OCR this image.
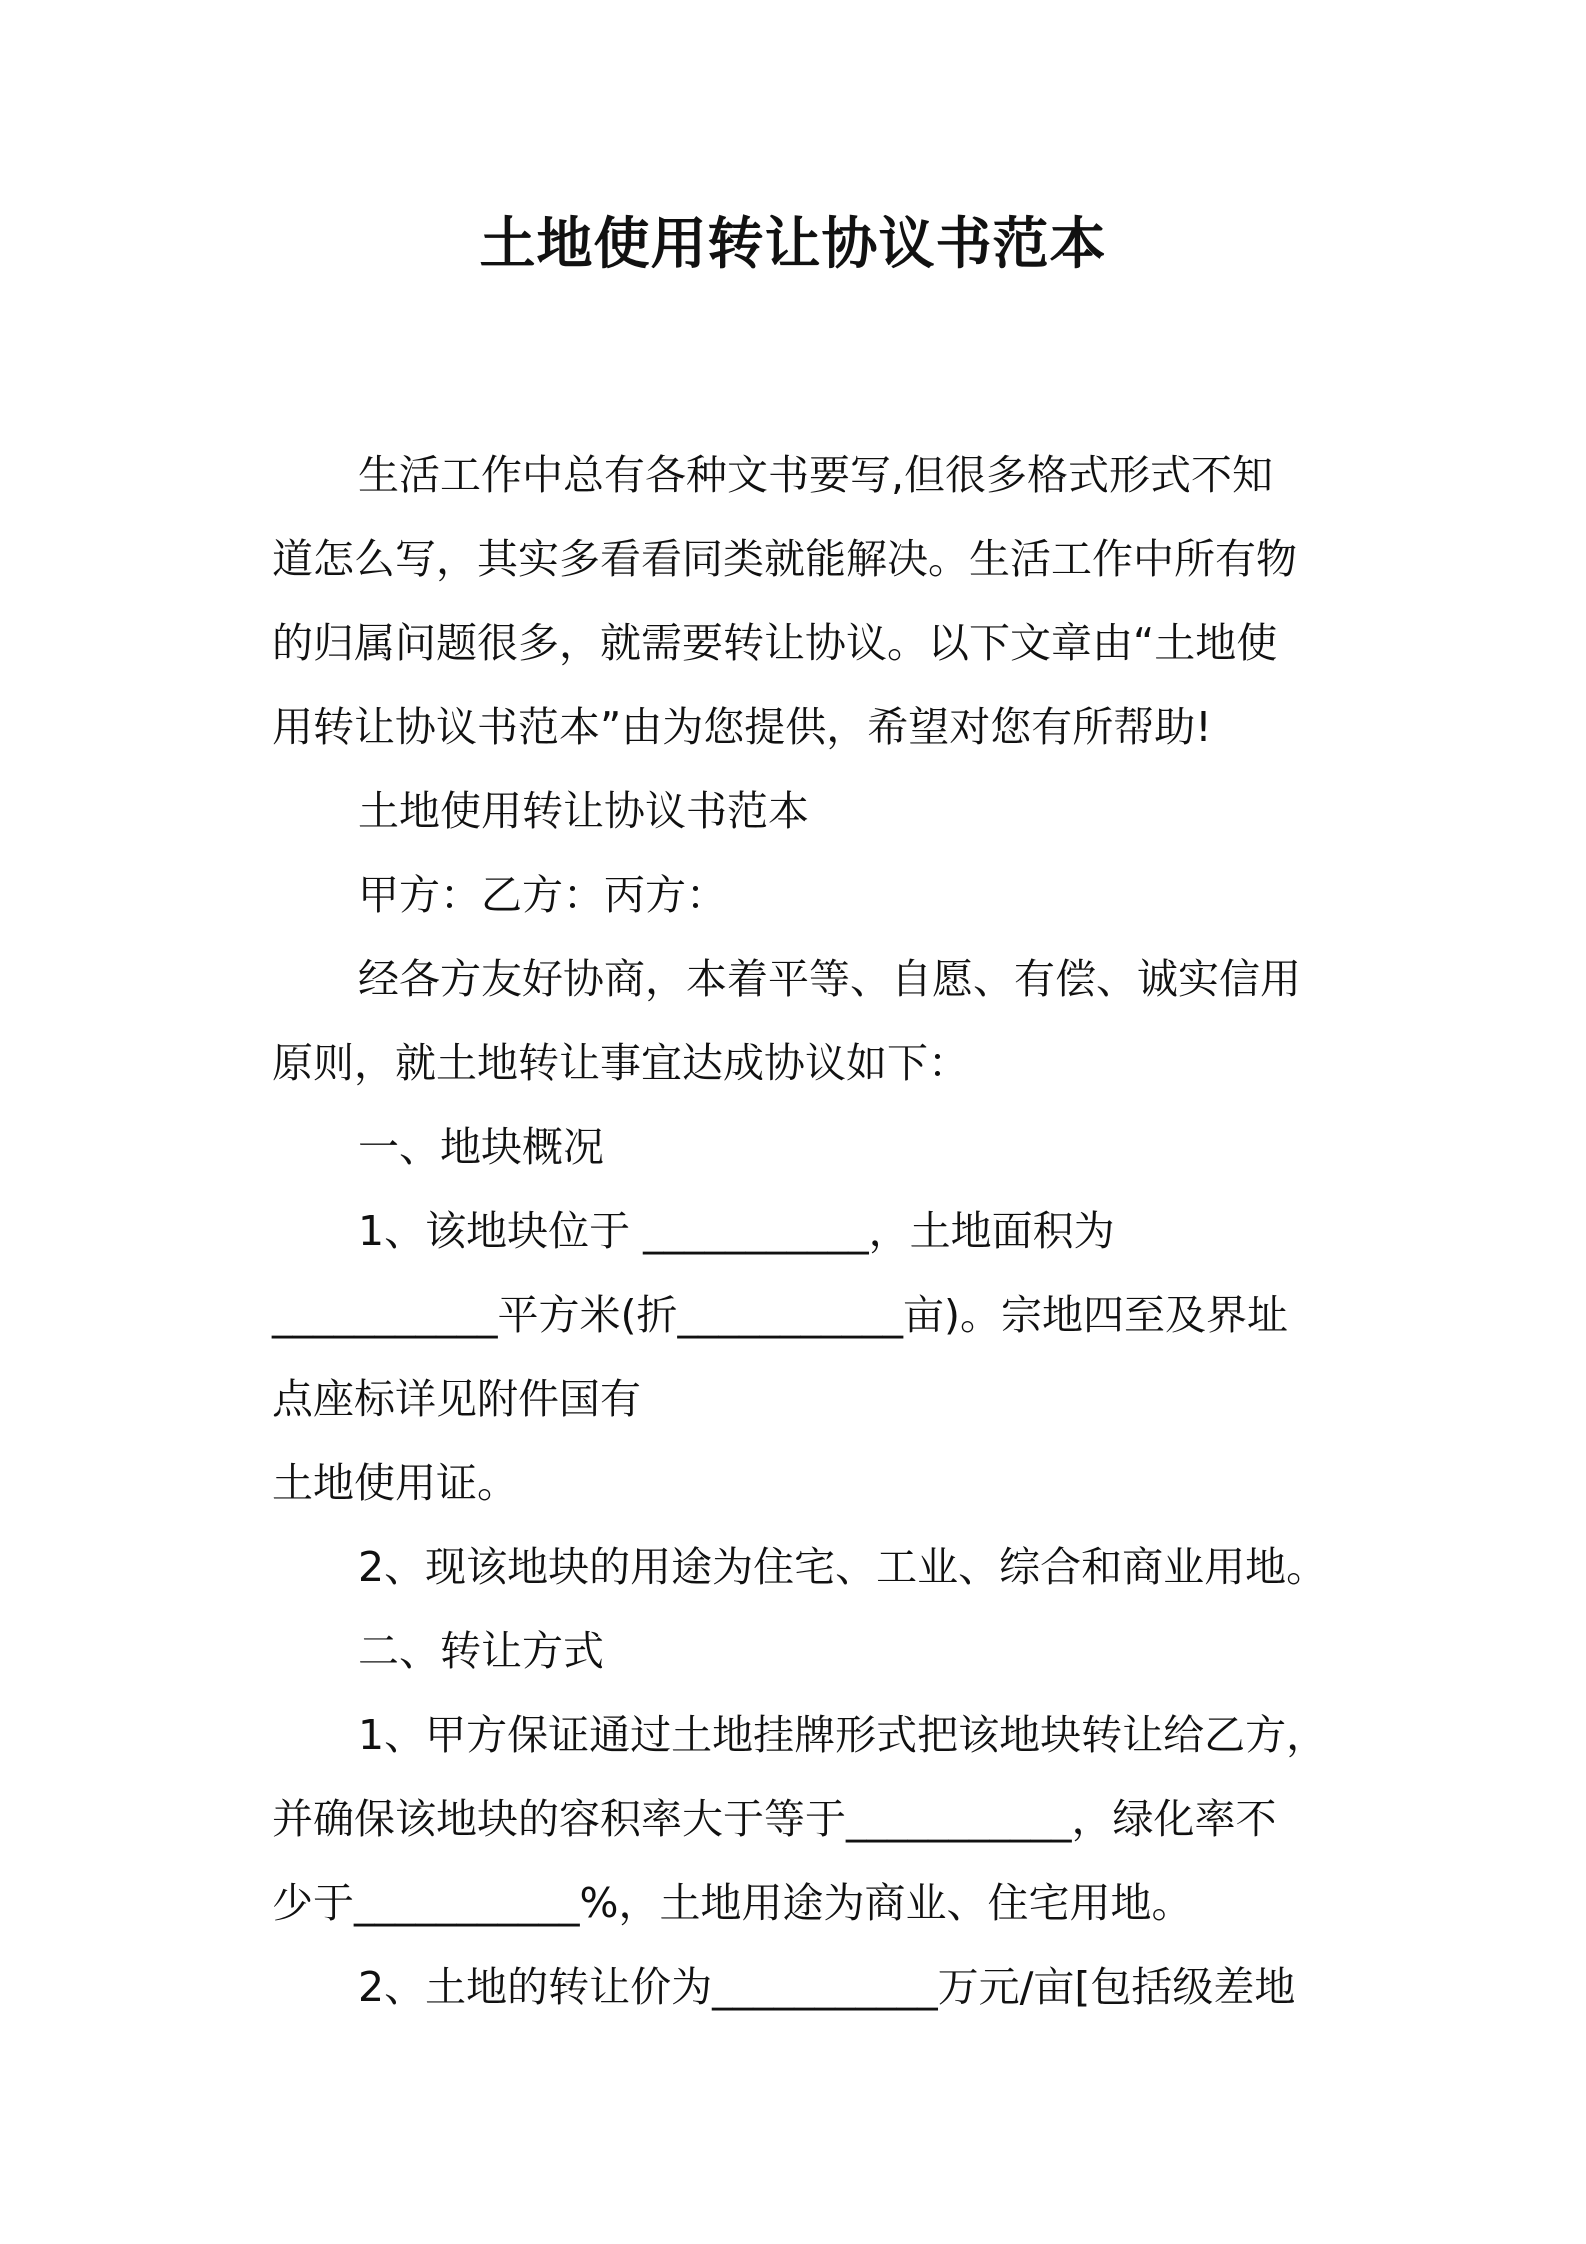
土地使用转让协议书范本
生活工作中总有各种文书要写,但很多格式形式不知
道怎么写，其实多看看同类就能解决。生活工作中所有物
的归属问题很多，就需要转让协议。以下文章由“土地使
用转让协议书范本”由为您提供，希望对您有所帮助!
土地使用转让协议书范本
甲方：乙方：丙方：
经各方友好协商，本着平等、自愿、有偿、诚实信用
原则，就土地转让事宜达成协议如下：
一、地块概况
1、该地块位于 ___________，土地面积为
___________平方米(折___________亩)。宗地四至及界址
点座标详见附件国有
土地使用证。
2、现该地块的用途为住宅、工业、综合和商业用地。
二、转让方式
1、甲方保证通过土地挂牌形式把该地块转让给乙方，
并确保该地块的容积率大于等于___________，绿化率不
少于___________%，土地用途为商业、住宅用地。
2、土地的转让价为___________万元/亩[包括级差地
